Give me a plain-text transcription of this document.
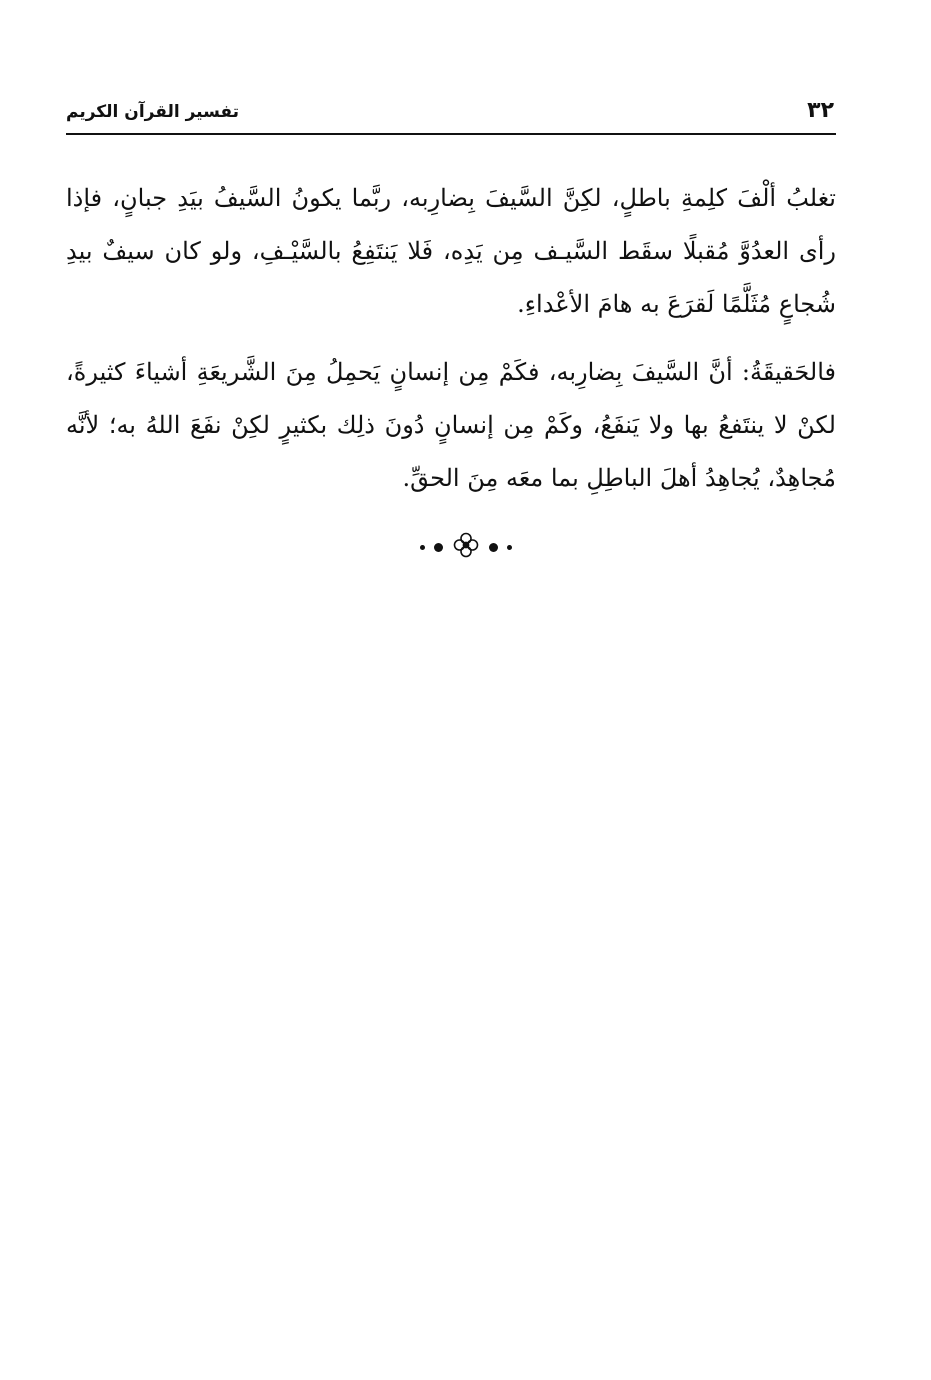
٣٢
تفسير القرآن الكريم

تغلبُ ألْفَ كلِمةِ باطلٍ، لكِنَّ السَّيفَ بِضارِبه، ربَّما يكونُ السَّيفُ بيَدِ جبانٍ، فإذا رأى العدُوَّ مُقبلًا سقَط السَّيـف مِن يَدِه، فَلا يَنتَفِعُ بالسَّيْـفِ، ولو كان سيفٌ بيدِ شُجاعٍ مُثَلَّمًا لَقرَعَ به هامَ الأعْداءِ.

فالحَقيقَةُ: أنَّ السَّيفَ بِضارِبه، فكَمْ مِن إنسانٍ يَحمِلُ مِنَ الشَّريعَةِ أشياءَ كثيرةً، لكنْ لا ينتَفعُ بها ولا يَنفَعُ، وكَمْ مِن إنسانٍ دُونَ ذلِك بكثيرٍ لكِنْ نفَعَ اللهُ به؛ لأنَّه مُجاهِدٌ، يُجاهِدُ أهلَ الباطِلِ بما معَه مِنَ الحقِّ.
